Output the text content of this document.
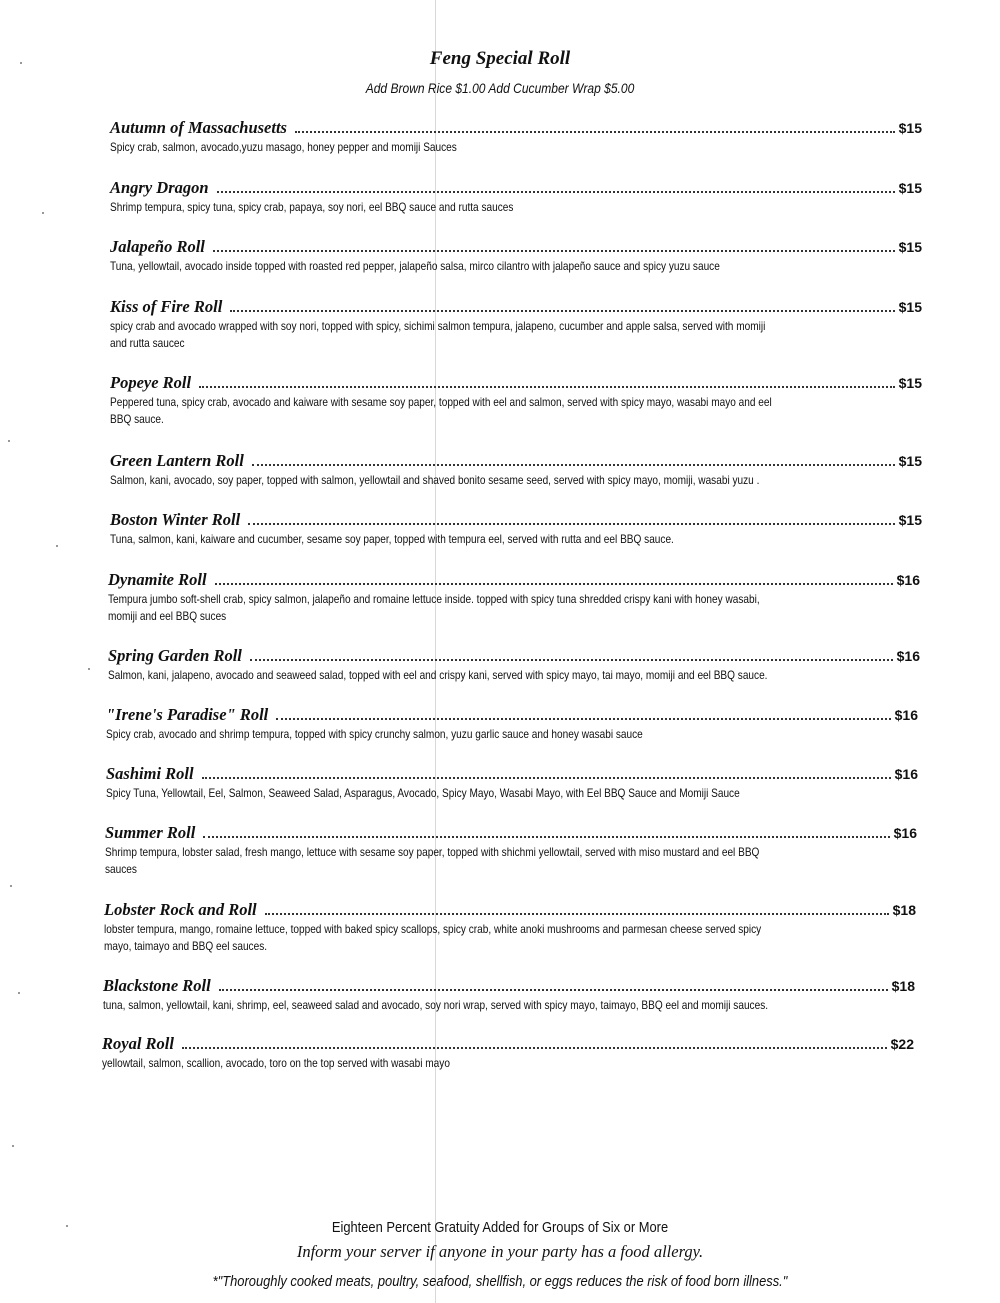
Feng Special Roll
Add Brown Rice $1.00 Add Cucumber Wrap $5.00
Autumn of Massachusetts	$15
Spicy crab, salmon, avocado,yuzu masago, honey pepper and momiji Sauces
Angry Dragon	$15
Shrimp tempura, spicy tuna, spicy crab, papaya, soy nori, eel BBQ sauce and rutta sauces
Jalapeño Roll	$15
Tuna, yellowtail, avocado inside topped with roasted red pepper, jalapeño salsa, mirco cilantro with jalapeño sauce and spicy yuzu sauce
Kiss of Fire Roll	$15
spicy crab and avocado wrapped with soy nori, topped with spicy, sichimi salmon tempura, jalapeno, cucumber and apple salsa, served with momiji
and rutta saucec
Popeye Roll	$15
Peppered tuna, spicy crab, avocado and kaiware with sesame soy paper, topped with eel and salmon, served with spicy mayo, wasabi mayo and eel
BBQ sauce.
Green Lantern Roll	$15
Salmon, kani, avocado, soy paper, topped with salmon, yellowtail and shaved bonito sesame seed, served with spicy mayo, momiji, wasabi yuzu .
Boston Winter Roll	$15
Tuna, salmon, kani, kaiware and cucumber, sesame soy paper, topped with tempura eel, served with rutta and eel BBQ sauce.
Dynamite Roll	$16
Tempura jumbo soft-shell crab, spicy salmon, jalapeño and romaine lettuce inside. topped with spicy tuna shredded crispy kani with honey wasabi,
momiji and eel BBQ suces
Spring Garden Roll	$16
Salmon, kani, jalapeno, avocado and seaweed salad, topped with eel and crispy kani, served with spicy mayo, tai mayo, momiji and eel BBQ sauce.
"Irene's Paradise" Roll	$16
Spicy crab, avocado and shrimp tempura, topped with spicy crunchy salmon, yuzu garlic sauce and honey wasabi sauce
Sashimi Roll	$16
Spicy Tuna, Yellowtail, Eel, Salmon, Seaweed Salad, Asparagus, Avocado, Spicy Mayo, Wasabi Mayo, with Eel BBQ Sauce and Momiji Sauce
Summer Roll	$16
Shrimp tempura, lobster salad, fresh mango, lettuce with sesame soy paper, topped with shichmi yellowtail, served with miso mustard and eel BBQ
sauces
Lobster Rock and Roll	$18
lobster tempura, mango, romaine lettuce, topped with baked spicy scallops, spicy crab, white anoki mushrooms and parmesan cheese served spicy
mayo, taimayo and BBQ eel sauces.
Blackstone Roll	$18
tuna, salmon, yellowtail, kani, shrimp, eel, seaweed salad and avocado, soy nori wrap, served with spicy mayo, taimayo, BBQ eel and momiji sauces.
Royal Roll	$22
yellowtail, salmon, scallion, avocado, toro on the top served with wasabi mayo
Eighteen Percent Gratuity Added for Groups of Six or More
Inform your server if anyone in your party has a food allergy.
*"Thoroughly cooked meats, poultry, seafood, shellfish, or eggs reduces the risk of food born illness."
